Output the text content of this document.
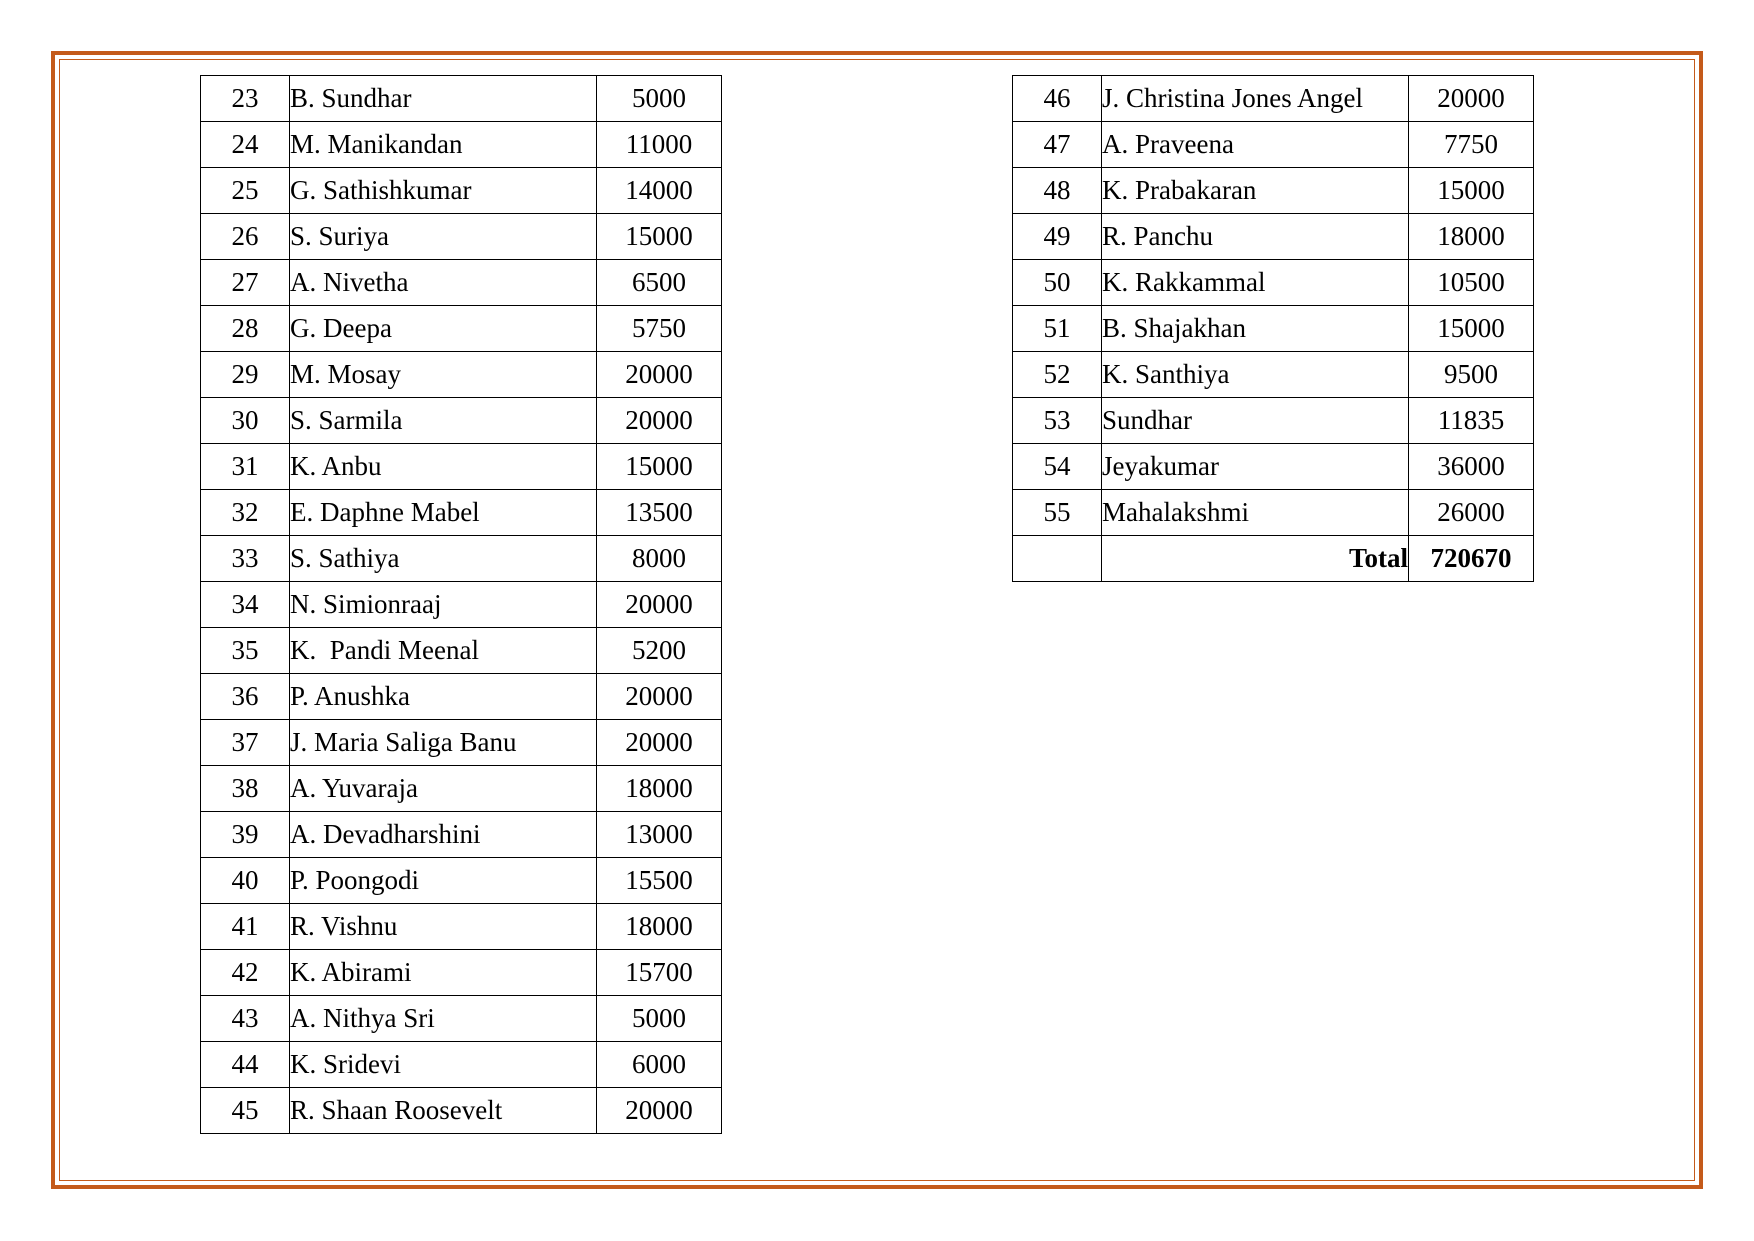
23	B. Sundhar	5000
24	M. Manikandan	11000
25	G. Sathishkumar	14000
26	S. Suriya	15000
27	A. Nivetha	6500
28	G. Deepa	5750
29	M. Mosay	20000
30	S. Sarmila	20000
31	K. Anbu	15000
32	E. Daphne Mabel	13500
33	S. Sathiya	8000
34	N. Simionraaj	20000
35	K.  Pandi Meenal	5200
36	P. Anushka	20000
37	J. Maria Saliga Banu	20000
38	A. Yuvaraja	18000
39	A. Devadharshini	13000
40	P. Poongodi	15500
41	R. Vishnu	18000
42	K. Abirami	15700
43	A. Nithya Sri	5000
44	K. Sridevi	6000
45	R. Shaan Roosevelt	20000
46	J. Christina Jones Angel	20000
47	A. Praveena	7750
48	K. Prabakaran	15000
49	R. Panchu	18000
50	K. Rakkammal	10500
51	B. Shajakhan	15000
52	K. Santhiya	9500
53	Sundhar	11835
54	Jeyakumar	36000
55	Mahalakshmi	26000
	Total	720670
